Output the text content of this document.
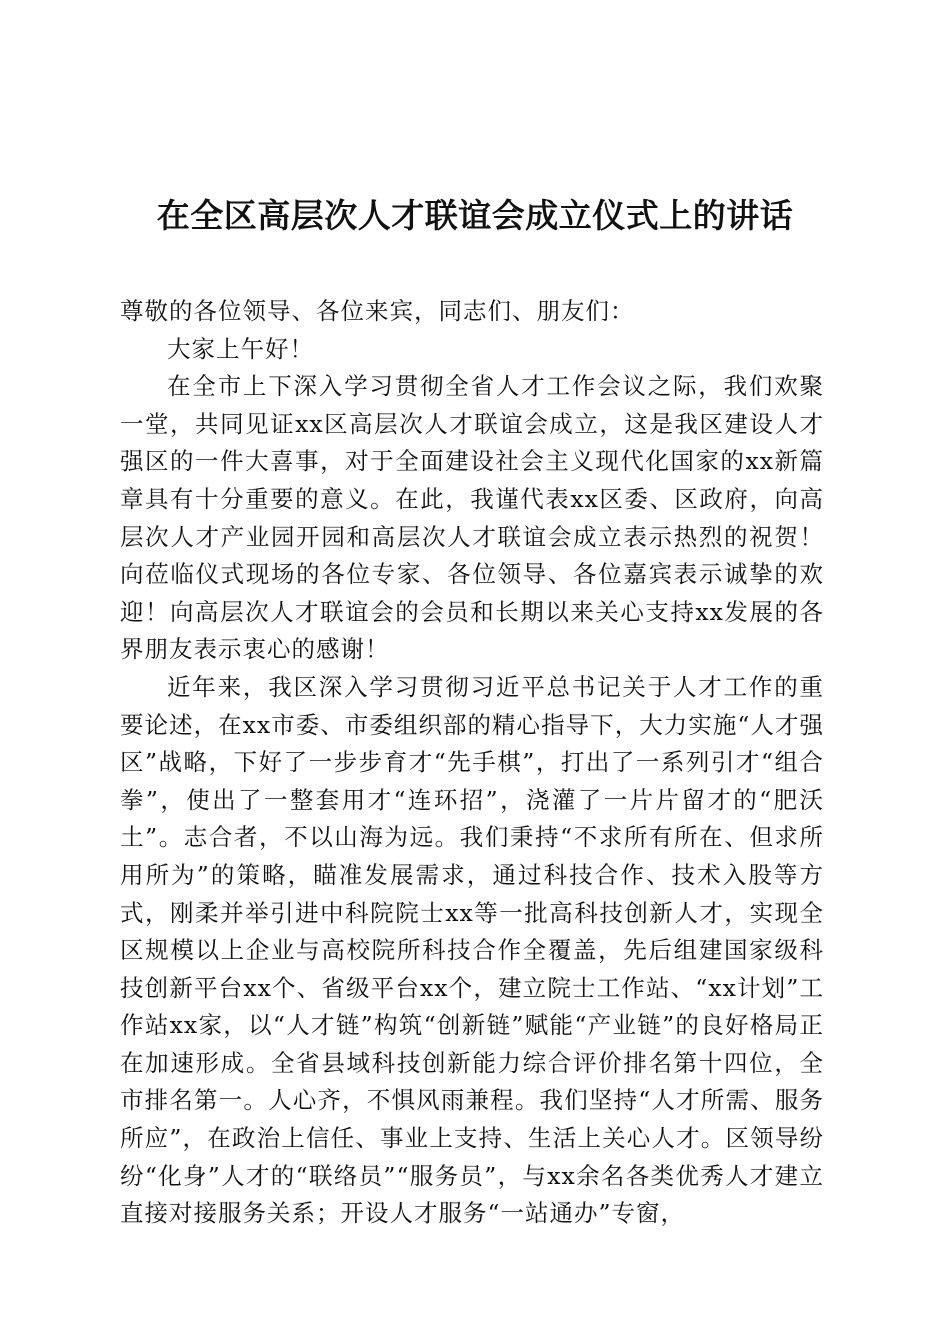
在全区高层次人才联谊会成立仪式上的讲话

尊敬的各位领导、各位来宾，同志们、朋友们：

大家上午好！

在全市上下深入学习贯彻全省人才工作会议之际，我们欢聚一堂，共同见证xx区高层次人才联谊会成立，这是我区建设人才强区的一件大喜事，对于全面建设社会主义现代化国家的xx新篇章具有十分重要的意义。在此，我谨代表xx区委、区政府，向高层次人才产业园开园和高层次人才联谊会成立表示热烈的祝贺！向莅临仪式现场的各位专家、各位领导、各位嘉宾表示诚挚的欢迎！向高层次人才联谊会的会员和长期以来关心支持xx发展的各界朋友表示衷心的感谢！

近年来，我区深入学习贯彻习近平总书记关于人才工作的重要论述，在xx市委、市委组织部的精心指导下，大力实施“人才强区”战略，下好了一步步育才“先手棋”，打出了一系列引才“组合拳”，使出了一整套用才“连环招”，浇灌了一片片留才的“肥沃土”。志合者，不以山海为远。我们秉持“不求所有所在、但求所用所为”的策略，瞄准发展需求，通过科技合作、技术入股等方式，刚柔并举引进中科院院士xx等一批高科技创新人才，实现全区规模以上企业与高校院所科技合作全覆盖，先后组建国家级科技创新平台xx个、省级平台xx个，建立院士工作站、“xx计划”工作站xx家，以“人才链”构筑“创新链”赋能“产业链”的良好格局正在加速形成。全省县域科技创新能力综合评价排名第十四位，全市排名第一。人心齐，不惧风雨兼程。我们坚持“人才所需、服务所应”，在政治上信任、事业上支持、生活上关心人才。区领导纷纷“化身”人才的“联络员”“服务员”，与xx余名各类优秀人才建立直接对接服务关系；开设人才服务“一站通办”专窗，
